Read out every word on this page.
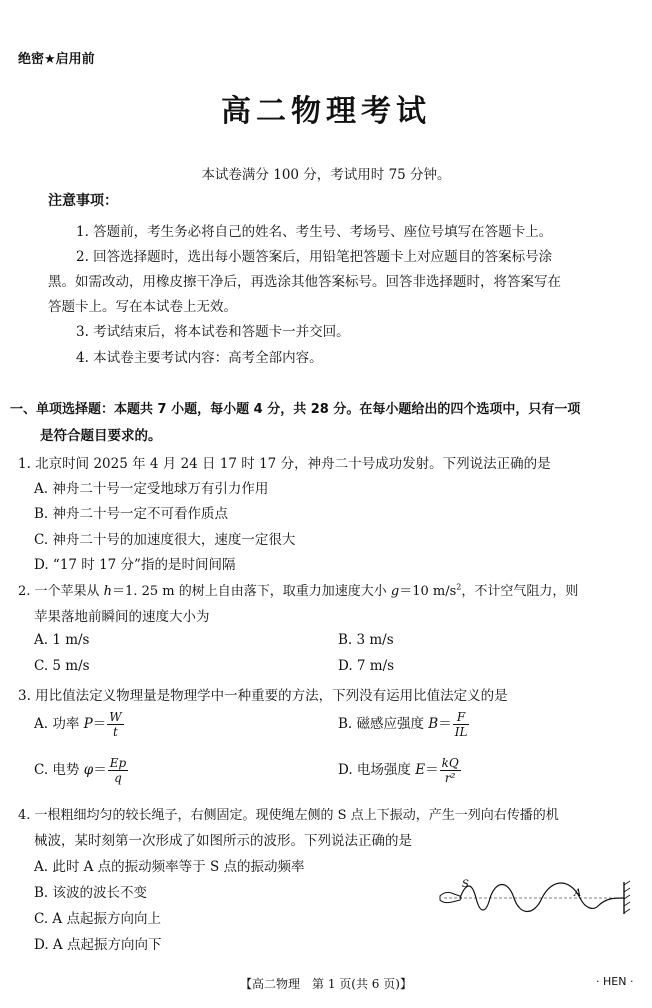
绝密★启用前
高二物理考试
本试卷满分 100 分，考试用时 75 分钟。
注意事项：
1. 答题前，考生务必将自己的姓名、考生号、考场号、座位号填写在答题卡上。
2. 回答选择题时，选出每小题答案后，用铅笔把答题卡上对应题目的答案标号涂
黑。如需改动，用橡皮擦干净后，再选涂其他答案标号。回答非选择题时，将答案写在
答题卡上。写在本试卷上无效。
3. 考试结束后，将本试卷和答题卡一并交回。
4. 本试卷主要考试内容：高考全部内容。
一、单项选择题：本题共 7 小题，每小题 4 分，共 28 分。在每小题给出的四个选项中，只有一项
是符合题目要求的。
1. 北京时间 2025 年 4 月 24 日 17 时 17 分，神舟二十号成功发射。下列说法正确的是
A. 神舟二十号一定受地球万有引力作用
B. 神舟二十号一定不可看作质点
C. 神舟二十号的加速度很大，速度一定很大
D. “17 时 17 分”指的是时间间隔
2. 一个苹果从 h＝1. 25 m 的树上自由落下，取重力加速度大小 g＝10 $m/s^2$，不计空气阻力，则
苹果落地前瞬间的速度大小为
A. 1 m/s	B. 3 m/s
C. 5 m/s	D. 7 m/s
3. 用比值法定义物理量是物理学中一种重要的方法，下列没有运用比值法定义的是
A. 功率 $P= \frac{W}{t}$	B. 磁感应强度 $B= \frac{F}{IL}$
C. 电势 $\varphi= \frac{Ep}{q}$	D. 电场强度 $E= \frac{kQ}{\text{r²}}$
4. 一根粗细均匀的较长绳子，右侧固定。现使绳左侧的 S 点上下振动，产生一列向右传播的机
械波，某时刻第一次形成了如图所示的波形。下列说法正确的是
A. 此时 A 点的振动频率等于 S 点的振动频率
B. 该波的波长不变
C. A 点起振方向向上
D. A 点起振方向向下
S
A
【高二物理　第 1 页(共 6 页)】	· HEN ·
